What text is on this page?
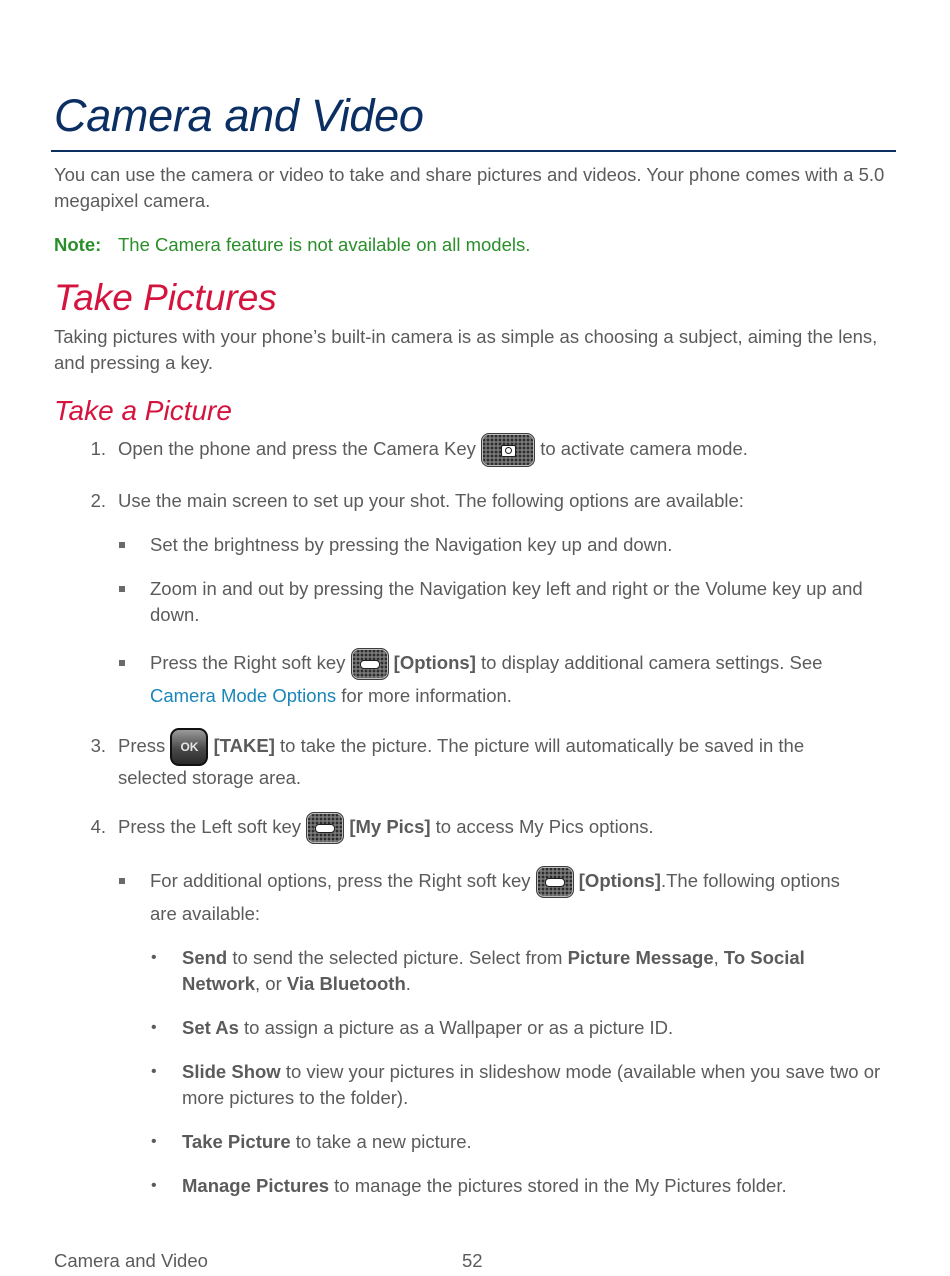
Camera and Video

You can use the camera or video to take and share pictures and videos. Your phone comes with a 5.0 megapixel camera.

Note: The Camera feature is not available on all models.
Take Pictures

Taking pictures with your phone’s built-in camera is as simple as choosing a subject, aiming the lens, and pressing a key.

Take a Picture
1. Open the phone and press the Camera Key	to activate camera mode.
2. Use the main screen to set up your shot. The following options are available:

Set the brightness by pressing the Navigation key up and down.

Zoom in and out by pressing the Navigation key left and right or the Volume key up and down.

Press the Right soft key	[Options] to display additional camera settings. See
Camera Mode Options for more information.
3. Press OK [TAKE] to take the picture. The picture will automatically be saved in the

selected storage area.

4. Press the Left soft key	[My Pics] to access My Pics options.
For additional options, press the Right soft key	[Options].The following options

are available:

• Send to send the selected picture. Select from Picture Message, To Social Network, or Via Bluetooth.

• Set As to assign a picture as a Wallpaper or as a picture ID.

• Slide Show to view your pictures in slideshow mode (available when you save two or more pictures to the folder).

• Take Picture to take a new picture.

• Manage Pictures to manage the pictures stored in the My Pictures folder.

Camera and Video	52
